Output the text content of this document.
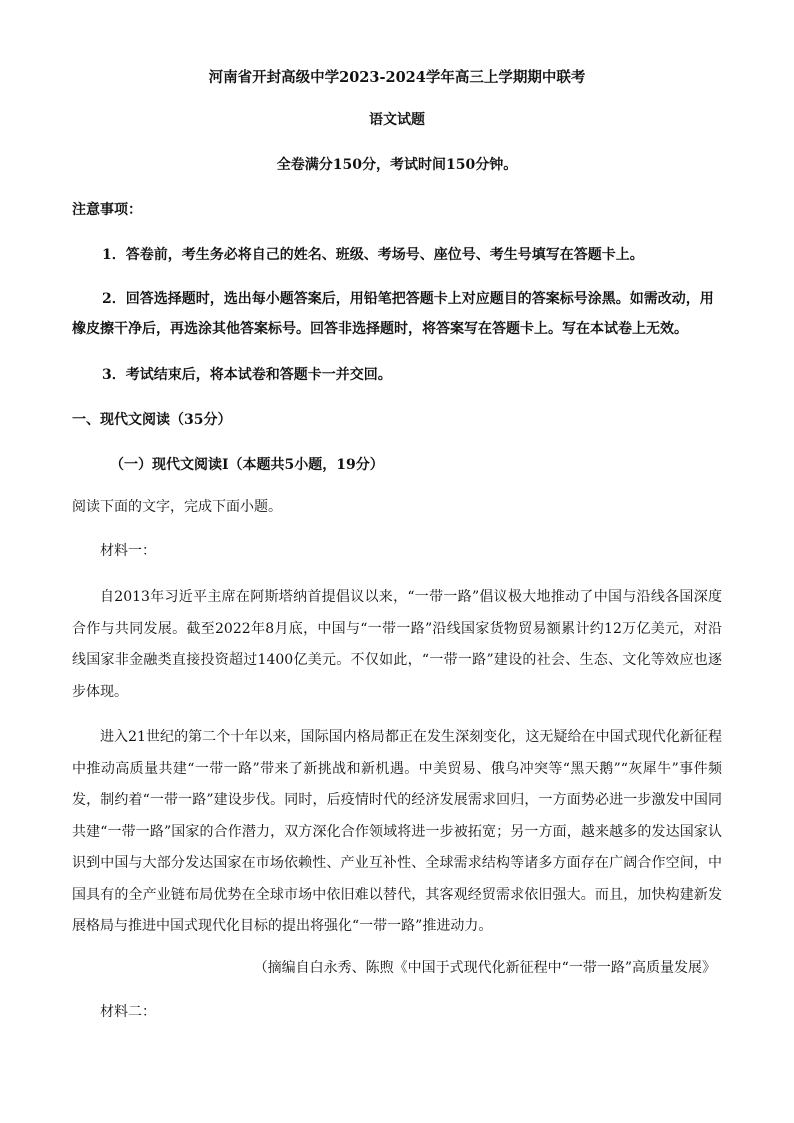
河南省开封高级中学2023-2024学年高三上学期期中联考
语文试题
全卷满分150分，考试时间150分钟。
注意事项：
1．答卷前，考生务必将自己的姓名、班级、考场号、座位号、考生号填写在答题卡上。
2．回答选择题时，选出每小题答案后，用铅笔把答题卡上对应题目的答案标号涂黑。如需改动，用
橡皮擦干净后，再选涂其他答案标号。回答非选择题时，将答案写在答题卡上。写在本试卷上无效。
3．考试结束后，将本试卷和答题卡一并交回。
一、现代文阅读（35分）
（一）现代文阅读Ⅰ（本题共5小题，19分）
阅读下面的文字，完成下面小题。
材料一：
自2013年习近平主席在阿斯塔纳首提倡议以来，“一带一路”倡议极大地推动了中国与沿线各国深度合作与共同发展。截至2022年8月底，中国与“一带一路”沿线国家货物贸易额累计约12万亿美元，对沿线国家非金融类直接投资超过1400亿美元。不仅如此，“一带一路”建设的社会、生态、文化等效应也逐步体现。
进入21世纪的第二个十年以来，国际国内格局都正在发生深刻变化，这无疑给在中国式现代化新征程中推动高质量共建“一带一路”带来了新挑战和新机遇。中美贸易、俄乌冲突等“黑天鹅”“灰犀牛”事件频发，制约着“一带一路”建设步伐。同时，后疫情时代的经济发展需求回归，一方面势必进一步激发中国同共建“一带一路”国家的合作潜力，双方深化合作领域将进一步被拓宽；另一方面，越来越多的发达国家认识到中国与大部分发达国家在市场依赖性、产业互补性、全球需求结构等诸多方面存在广阔合作空间，中国具有的全产业链布局优势在全球市场中依旧难以替代，其客观经贸需求依旧强大。而且，加快构建新发展格局与推进中国式现代化目标的提出将强化“一带一路”推进动力。
（摘编自白永秀、陈煦《中国于式现代化新征程中“一带一路”高质量发展》
材料二：
